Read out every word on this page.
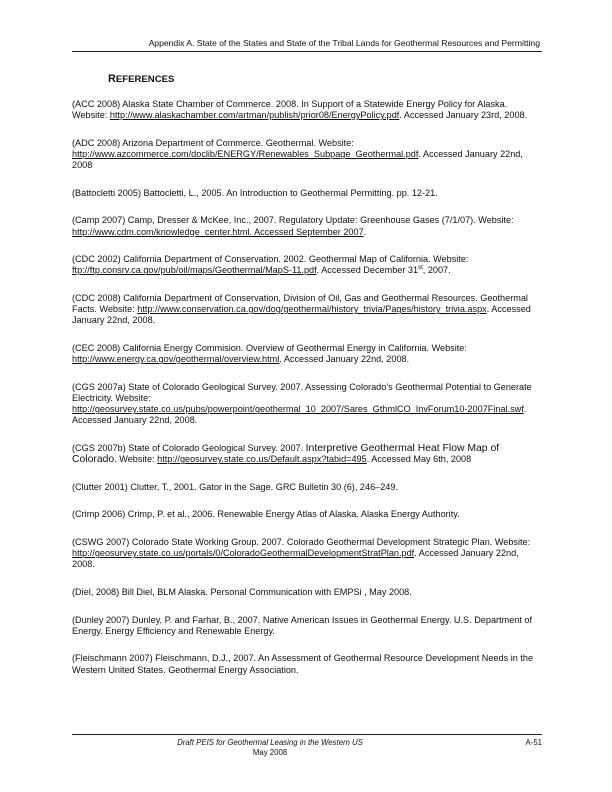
Appendix A. State of the States and State of the Tribal Lands for Geothermal Resources and Permitting
REFERENCES

(ACC 2008) Alaska State Chamber of Commerce. 2008. In Support of a Statewide Energy Policy for Alaska. Website: http://www.alaskachamber.com/artman/publish/prior08/EnergyPolicy.pdf. Accessed January 23rd, 2008.

(ADC 2008) Arizona Department of Commerce. Geothermal. Website: http://www.azcommerce.com/doclib/ENERGY/Renewables_Subpage_Geothermal.pdf. Accessed January 22nd, 2008

(Battocletti 2005) Battocletti, L., 2005. An Introduction to Geothermal Permitting. pp. 12-21.

(Camp 2007) Camp, Dresser & McKee, Inc., 2007. Regulatory Update: Greenhouse Gases (7/1/07). Website: http://www.cdm.com/knowledge_center.html. Accessed September 2007.

(CDC 2002) California Department of Conservation. 2002. Geothermal Map of California. Website: ftp://ftp.consrv.ca.gov/pub/oil/maps/Geothermal/MapS-11.pdf. Accessed December 31st, 2007.

(CDC 2008) California Department of Conservation, Division of Oil, Gas and Geothermal Resources. Geothermal Facts. Website: http://www.conservation.ca.gov/dog/geothermal/history_trivia/Pages/history_trivia.aspx. Accessed January 22nd, 2008.

(CEC 2008) California Energy Commision. Overview of Geothermal Energy in California. Website: http://www.energy.ca.gov/geothermal/overview.html. Accessed January 22nd, 2008.

(CGS 2007a) State of Colorado Geological Survey. 2007. Assessing Colorado’s Geothermal Potential to Generate Electricity. Website: http://geosurvey.state.co.us/pubs/powerpoint/geothermal_10_2007/Sares_GthmlCO_InvForum10-2007Final.swf. Accessed January 22nd, 2008.

(CGS 2007b) State of Colorado Geological Survey. 2007. Interpretive Geothermal Heat Flow Map of Colorado. Website: http://geosurvey.state.co.us/Default.aspx?tabid=495. Accessed May 6th, 2008

(Clutter 2001) Clutter, T., 2001. Gator in the Sage. GRC Bulletin 30 (6), 246–249.

(Crimp 2006) Crimp, P. et al., 2006. Renewable Energy Atlas of Alaska. Alaska Energy Authority.

(CSWG 2007) Colorado State Working Group. 2007. Colorado Geothermal Development Strategic Plan. Website: http://geosurvey.state.co.us/portals/0/ColoradoGeothermalDevelopmentStratPlan.pdf. Accessed January 22nd, 2008.

(Diel, 2008) Bill Diel, BLM Alaska. Personal Communication with EMPSi , May 2008.

(Dunley 2007) Dunley, P. and Farhar, B., 2007. Native American Issues in Geothermal Energy. U.S. Department of Energy. Energy Efficiency and Renewable Energy.

(Fleischmann 2007) Fleischmann, D.J., 2007. An Assessment of Geothermal Resource Development Needs in the Western United States. Geothermal Energy Association.

Draft PEIS for Geothermal Leasing in the Western US	A-51
May 2008
